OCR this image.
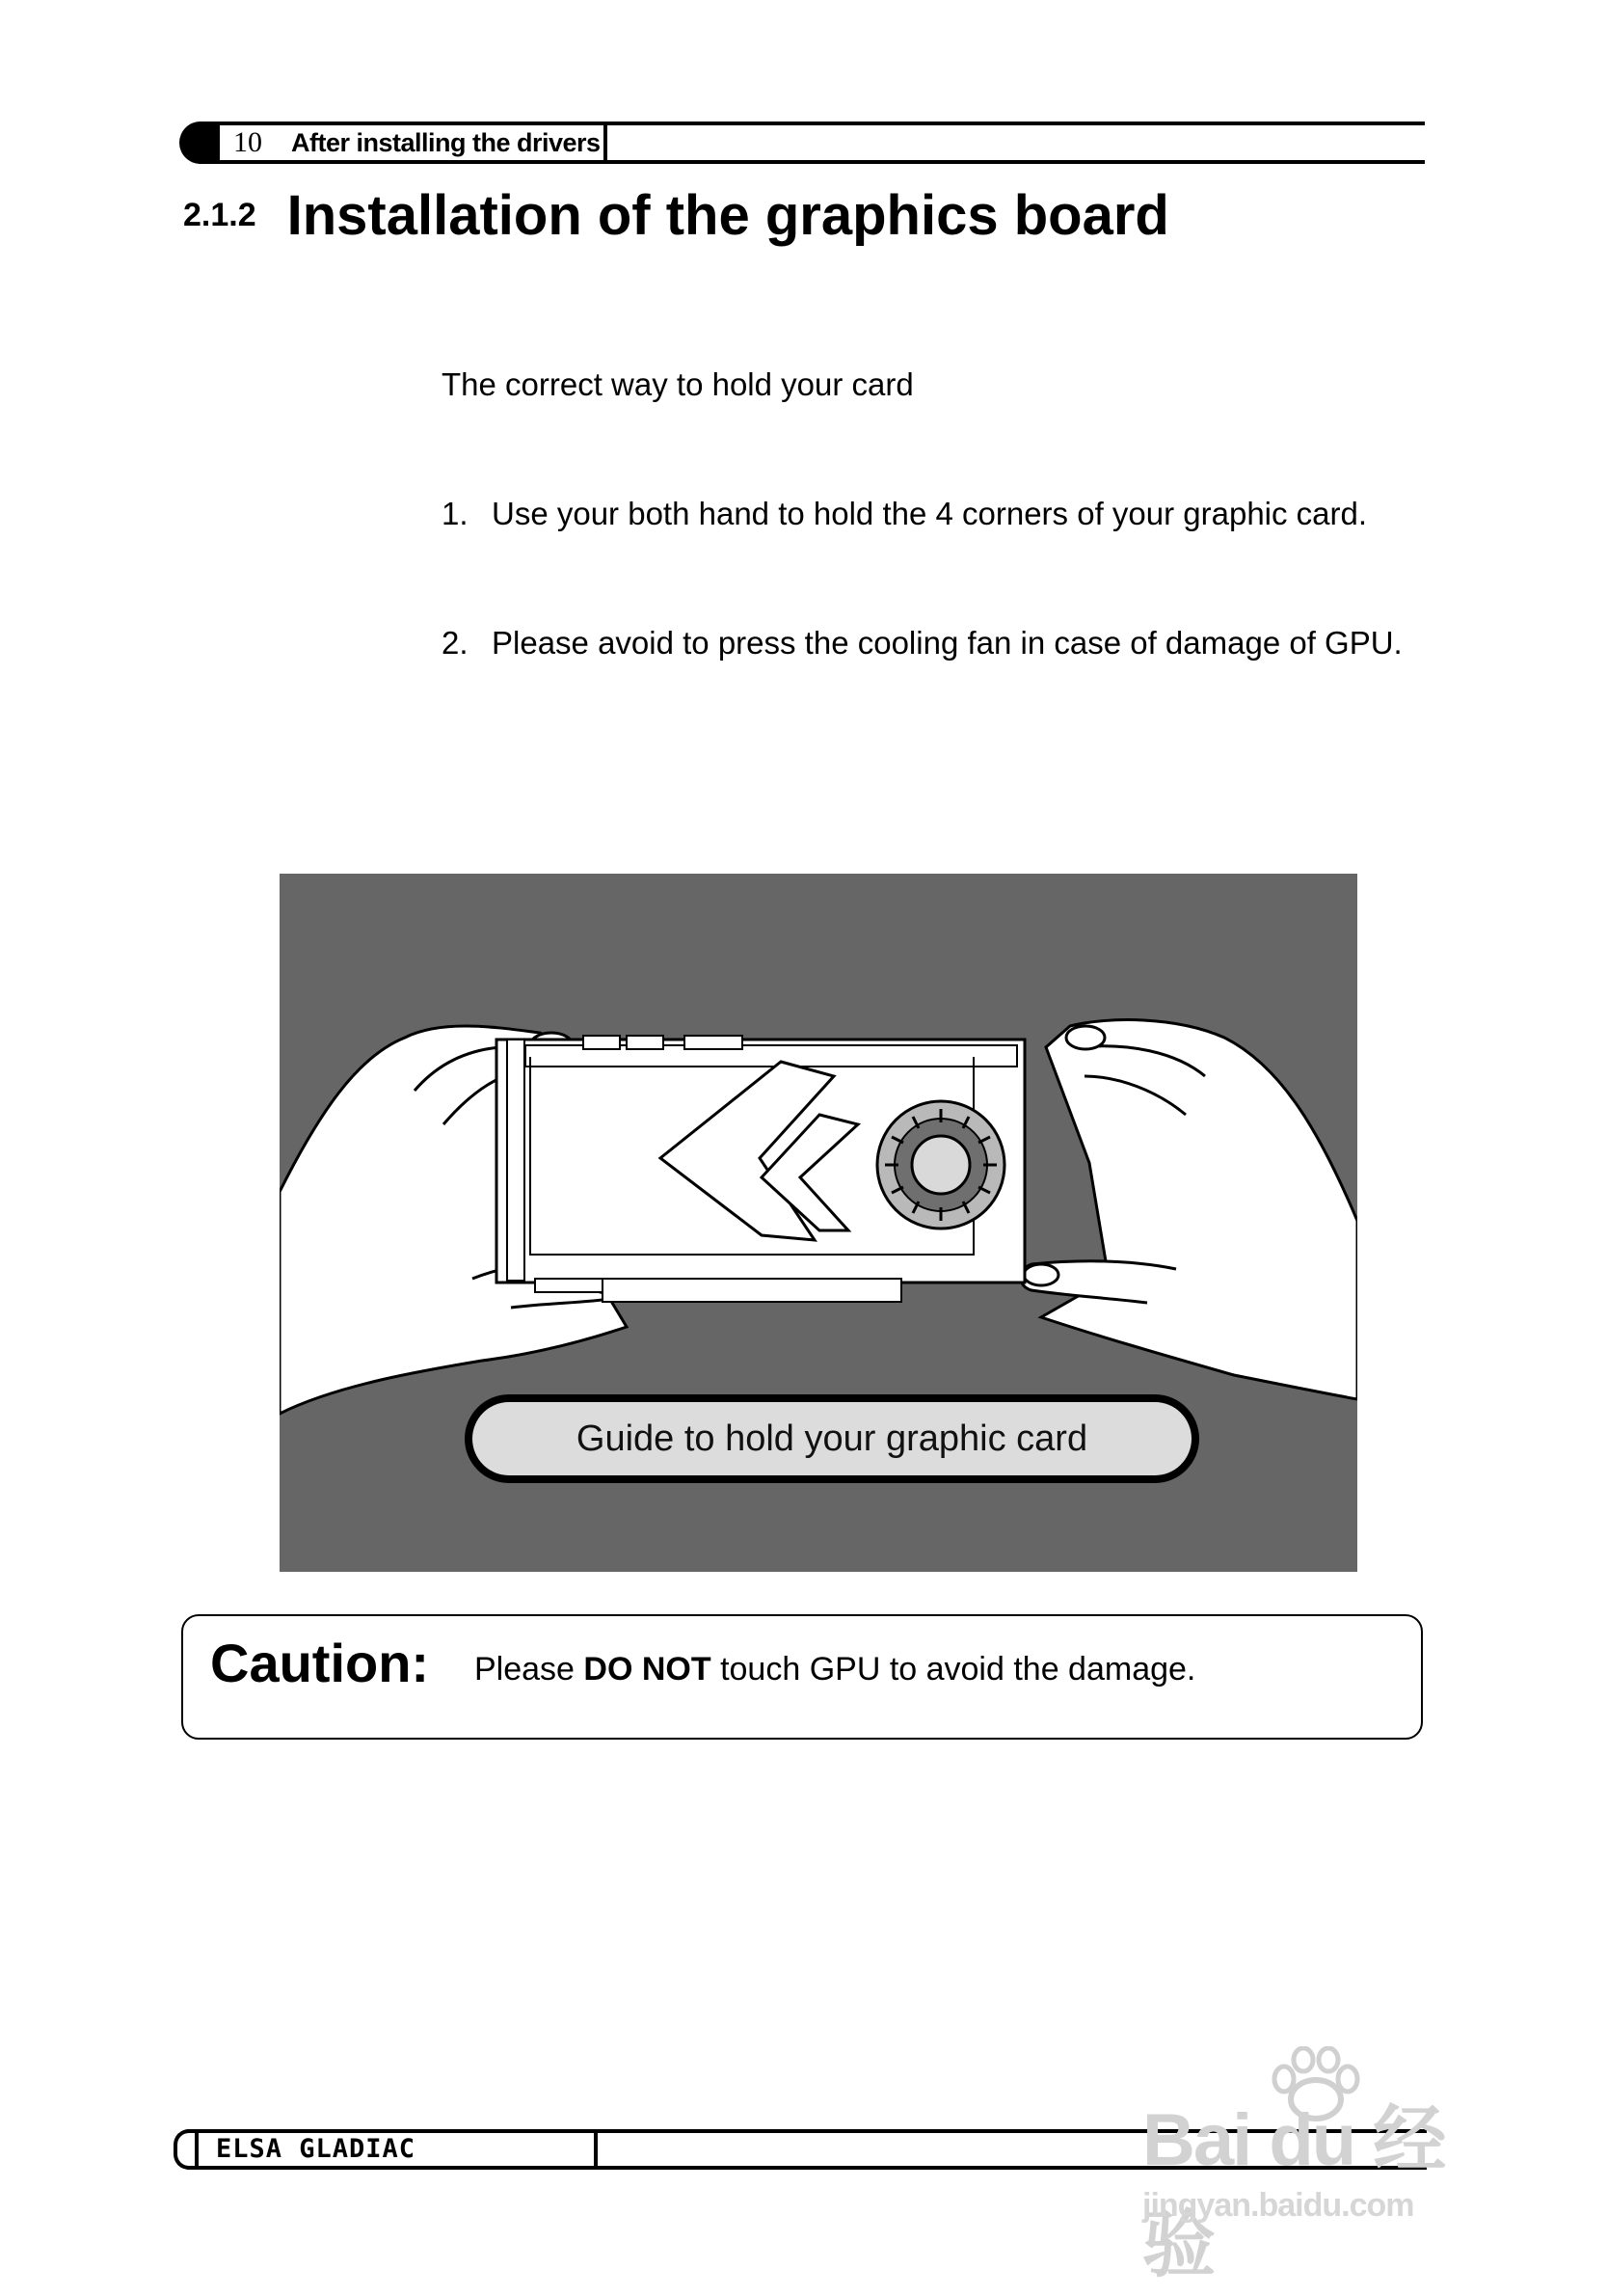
10	After installing the drivers
2.1.2 Installation of the graphics board
The correct way to hold your card
1. Use your both hand to hold the 4 corners of your graphic card.
2. Please avoid to press the cooling fan in case of damage of GPU.
Guide to hold your graphic card
Caution: Please DO NOT touch GPU to avoid the damage.
ELSA GLADIAC	Bai du 经验
jingyan.baidu.com
